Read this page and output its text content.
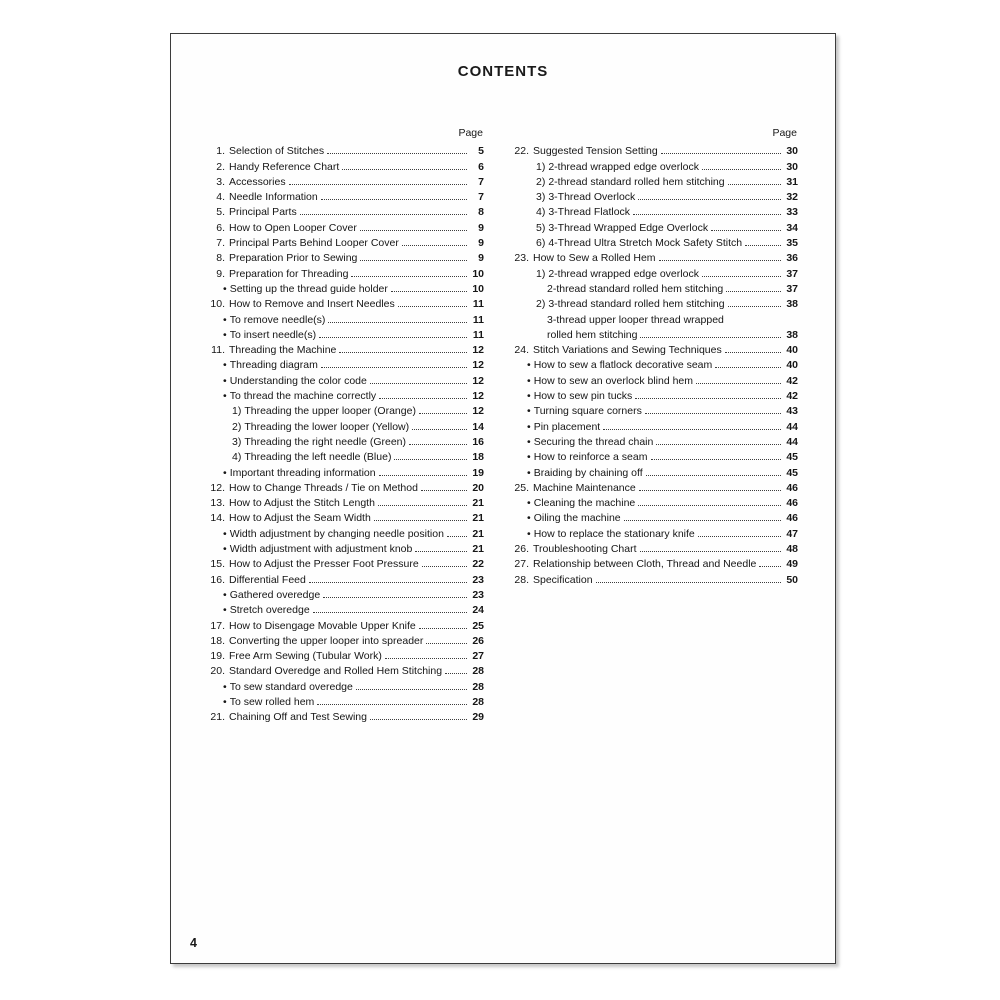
CONTENTS
Page
1. Selection of Stitches	5
2. Handy Reference Chart	6
3. Accessories	7
4. Needle Information	7
5. Principal Parts	8
6. How to Open Looper Cover	9
7. Principal Parts Behind Looper Cover	9
8. Preparation Prior to Sewing	9
9. Preparation for Threading	10
• Setting up the thread guide holder	10
10. How to Remove and Insert Needles	11
• To remove needle(s)	11
• To insert needle(s)	11
11. Threading the Machine	12
• Threading diagram	12
• Understanding the color code	12
• To thread the machine correctly	12
1) Threading the upper looper (Orange)	12
2) Threading the lower looper (Yellow)	14
3) Threading the right needle (Green)	16
4) Threading the left needle (Blue)	18
• Important threading information	19
12. How to Change Threads / Tie on Method	20
13. How to Adjust the Stitch Length	21
14. How to Adjust the Seam Width	21
• Width adjustment by changing needle position	21
• Width adjustment with adjustment knob	21
15. How to Adjust the Presser Foot Pressure	22
16. Differential Feed	23
• Gathered overedge	23
• Stretch overedge	24
17. How to Disengage Movable Upper Knife	25
18. Converting the upper looper into spreader	26
19. Free Arm Sewing (Tubular Work)	27
20. Standard Overedge and Rolled Hem Stitching	28
• To sew standard overedge	28
• To sew rolled hem	28
21. Chaining Off and Test Sewing	29
Page
22. Suggested Tension Setting	30
1) 2-thread wrapped edge overlock	30
2) 2-thread standard rolled hem stitching	31
3) 3-Thread Overlock	32
4) 3-Thread Flatlock	33
5) 3-Thread Wrapped Edge Overlock	34
6) 4-Thread Ultra Stretch Mock Safety Stitch	35
23. How to Sew a Rolled Hem	36
1) 2-thread wrapped edge overlock	37
2-thread standard rolled hem stitching	37
2) 3-thread standard rolled hem stitching	38
3-thread upper looper thread wrapped
rolled hem stitching	38
24. Stitch Variations and Sewing Techniques	40
• How to sew a flatlock decorative seam	40
• How to sew an overlock blind hem	42
• How to sew pin tucks	42
• Turning square corners	43
• Pin placement	44
• Securing the thread chain	44
• How to reinforce a seam	45
• Braiding by chaining off	45
25. Machine Maintenance	46
• Cleaning the machine	46
• Oiling the machine	46
• How to replace the stationary knife	47
26. Troubleshooting Chart	48
27. Relationship between Cloth, Thread and Needle	49
28. Specification	50
4
